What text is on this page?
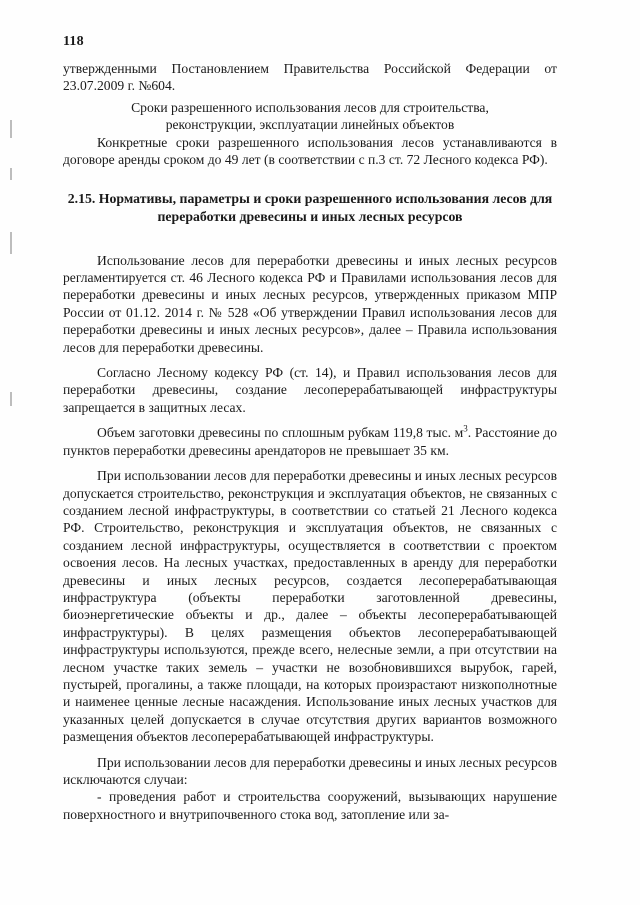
118

утвержденными Постановлением Правительства Российской Федерации от 23.07.2009 г. №604.

Сроки разрешенного использования лесов для строительства, реконструкции, эксплуатации линейных объектов

Конкретные сроки разрешенного использования лесов устанавливаются в договоре аренды сроком до 49 лет (в соответствии с п.3 ст. 72 Лесного кодекса РФ).

2.15. Нормативы, параметры и сроки разрешенного использования лесов для переработки древесины и иных лесных ресурсов

Использование лесов для переработки древесины и иных лесных ресурсов регламентируется ст. 46 Лесного кодекса РФ и Правилами использования лесов для переработки древесины и иных лесных ресурсов, утвержденных приказом МПР России от 01.12. 2014 г. № 528 «Об утверждении Правил использования лесов для переработки древесины и иных лесных ресурсов», далее – Правила использования лесов для переработки древесины.

Согласно Лесному кодексу РФ (ст. 14), и Правил использования лесов для переработки древесины, создание лесоперерабатывающей инфраструктуры запрещается в защитных лесах.

Объем заготовки древесины по сплошным рубкам 119,8 тыс. $м^3$. Расстояние до пунктов переработки древесины арендаторов не превышает 35 км.

При использовании лесов для переработки древесины и иных лесных ресурсов допускается строительство, реконструкция и эксплуатация объектов, не связанных с созданием лесной инфраструктуры, в соответствии со статьей 21 Лесного кодекса РФ. Строительство, реконструкция и эксплуатация объектов, не связанных с созданием лесной инфраструктуры, осуществляется в соответствии с проектом освоения лесов. На лесных участках, предоставленных в аренду для переработки древесины и иных лесных ресурсов, создается лесоперерабатывающая инфраструктура (объекты переработки заготовленной древесины, биоэнергетические объекты и др., далее – объекты лесоперерабатывающей инфраструктуры). В целях размещения объектов лесоперерабатывающей инфраструктуры используются, прежде всего, нелесные земли, а при отсутствии на лесном участке таких земель – участки не возобновившихся вырубок, гарей, пустырей, прогалины, а также площади, на которых произрастают низкополнотные и наименее ценные лесные насаждения. Использование иных лесных участков для указанных целей допускается в случае отсутствия других вариантов возможного размещения объектов лесоперерабатывающей инфраструктуры.

При использовании лесов для переработки древесины и иных лесных ресурсов исключаются случаи:

- проведения работ и строительства сооружений, вызывающих нарушение поверхностного и внутрипочвенного стока вод, затопление или за-
